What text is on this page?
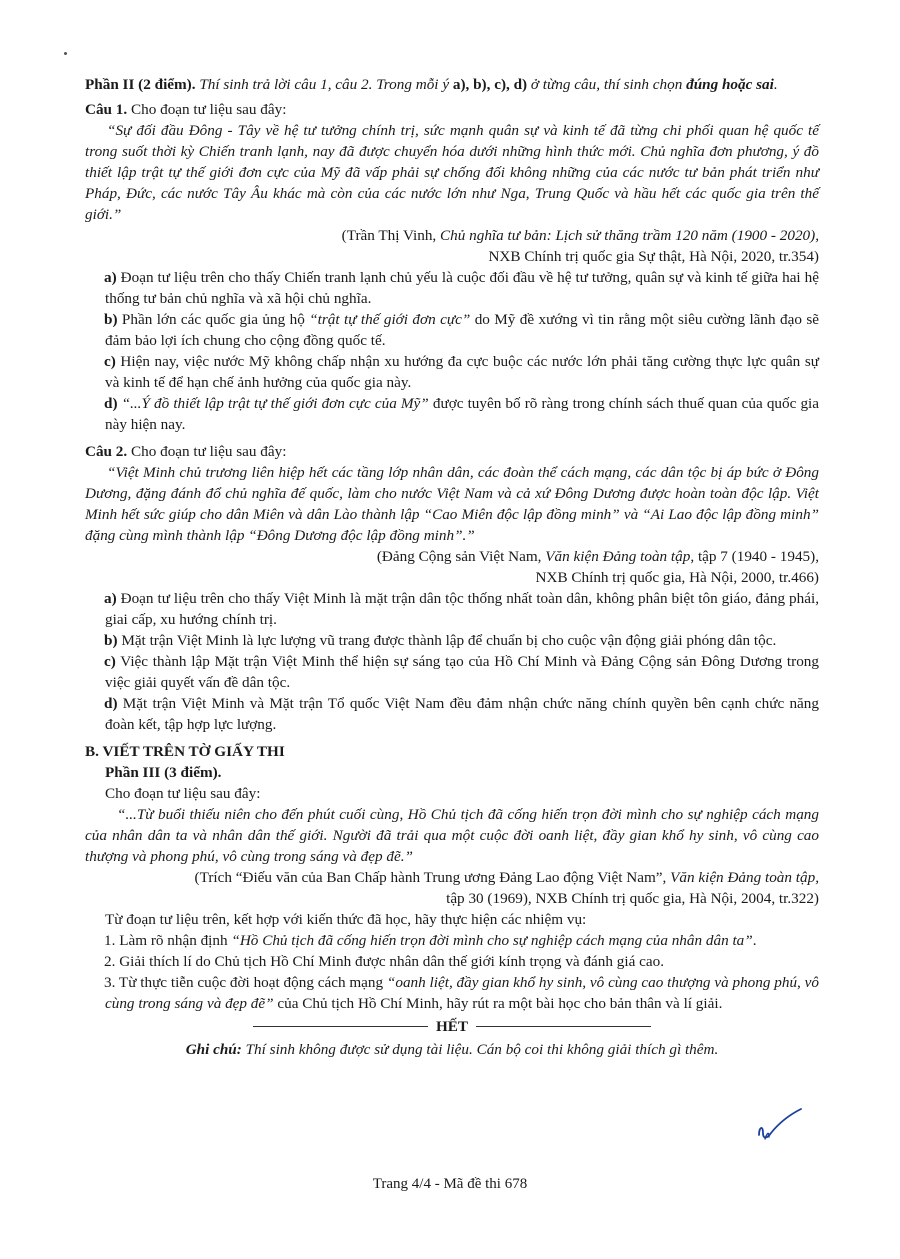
Phần II (2 điểm). Thí sinh trả lời câu 1, câu 2. Trong mỗi ý a), b), c), d) ở từng câu, thí sinh chọn đúng hoặc sai.

Câu 1. Cho đoạn tư liệu sau đây:

“Sự đối đầu Đông - Tây về hệ tư tưởng chính trị, sức mạnh quân sự và kinh tế đã từng chi phối quan hệ quốc tế trong suốt thời kỳ Chiến tranh lạnh, nay đã được chuyển hóa dưới những hình thức mới. Chủ nghĩa đơn phương, ý đồ thiết lập trật tự thế giới đơn cực của Mỹ đã vấp phải sự chống đối không những của các nước tư bản phát triển như Pháp, Đức, các nước Tây Âu khác mà còn của các nước lớn như Nga, Trung Quốc và hầu hết các quốc gia trên thế giới.”

(Trần Thị Vinh, Chủ nghĩa tư bản: Lịch sử thăng trầm 120 năm (1900 - 2020),

NXB Chính trị quốc gia Sự thật, Hà Nội, 2020, tr.354)

a) Đoạn tư liệu trên cho thấy Chiến tranh lạnh chủ yếu là cuộc đối đầu về hệ tư tưởng, quân sự và kinh tế giữa hai hệ thống tư bản chủ nghĩa và xã hội chủ nghĩa.

b) Phần lớn các quốc gia ủng hộ “trật tự thế giới đơn cực” do Mỹ đề xướng vì tin rằng một siêu cường lãnh đạo sẽ đảm bảo lợi ích chung cho cộng đồng quốc tế.

c) Hiện nay, việc nước Mỹ không chấp nhận xu hướng đa cực buộc các nước lớn phải tăng cường thực lực quân sự và kinh tế để hạn chế ảnh hưởng của quốc gia này.

d) “...Ý đồ thiết lập trật tự thế giới đơn cực của Mỹ” được tuyên bố rõ ràng trong chính sách thuế quan của quốc gia này hiện nay.

Câu 2. Cho đoạn tư liệu sau đây:

“Việt Minh chủ trương liên hiệp hết các tầng lớp nhân dân, các đoàn thể cách mạng, các dân tộc bị áp bức ở Đông Dương, đặng đánh đổ chủ nghĩa đế quốc, làm cho nước Việt Nam và cả xứ Đông Dương được hoàn toàn độc lập. Việt Minh hết sức giúp cho dân Miên và dân Lào thành lập “Cao Miên độc lập đồng minh” và “Ai Lao độc lập đồng minh” đặng cùng mình thành lập “Đông Dương độc lập đồng minh”.”

(Đảng Cộng sản Việt Nam, Văn kiện Đảng toàn tập, tập 7 (1940 - 1945),

NXB Chính trị quốc gia, Hà Nội, 2000, tr.466)

a) Đoạn tư liệu trên cho thấy Việt Minh là mặt trận dân tộc thống nhất toàn dân, không phân biệt tôn giáo, đảng phái, giai cấp, xu hướng chính trị.

b) Mặt trận Việt Minh là lực lượng vũ trang được thành lập để chuẩn bị cho cuộc vận động giải phóng dân tộc.

c) Việc thành lập Mặt trận Việt Minh thể hiện sự sáng tạo của Hồ Chí Minh và Đảng Cộng sản Đông Dương trong việc giải quyết vấn đề dân tộc.

d) Mặt trận Việt Minh và Mặt trận Tổ quốc Việt Nam đều đảm nhận chức năng chính quyền bên cạnh chức năng đoàn kết, tập hợp lực lượng.

B. VIẾT TRÊN TỜ GIẤY THI

Phần III (3 điểm).

Cho đoạn tư liệu sau đây:

“...Từ buổi thiếu niên cho đến phút cuối cùng, Hồ Chủ tịch đã cống hiến trọn đời mình cho sự nghiệp cách mạng của nhân dân ta và nhân dân thế giới. Người đã trải qua một cuộc đời oanh liệt, đầy gian khổ hy sinh, vô cùng cao thượng và phong phú, vô cùng trong sáng và đẹp đẽ.”

(Trích “Điếu văn của Ban Chấp hành Trung ương Đảng Lao động Việt Nam”, Văn kiện Đảng toàn tập,

tập 30 (1969), NXB Chính trị quốc gia, Hà Nội, 2004, tr.322)

Từ đoạn tư liệu trên, kết hợp với kiến thức đã học, hãy thực hiện các nhiệm vụ:

1. Làm rõ nhận định “Hồ Chủ tịch đã cống hiến trọn đời mình cho sự nghiệp cách mạng của nhân dân ta”.

2. Giải thích lí do Chủ tịch Hồ Chí Minh được nhân dân thế giới kính trọng và đánh giá cao.

3. Từ thực tiễn cuộc đời hoạt động cách mạng “oanh liệt, đầy gian khổ hy sinh, vô cùng cao thượng và phong phú, vô cùng trong sáng và đẹp đẽ” của Chủ tịch Hồ Chí Minh, hãy rút ra một bài học cho bản thân và lí giải.

HẾT

Ghi chú: Thí sinh không được sử dụng tài liệu. Cán bộ coi thi không giải thích gì thêm.

Trang 4/4 - Mã đề thi 678
